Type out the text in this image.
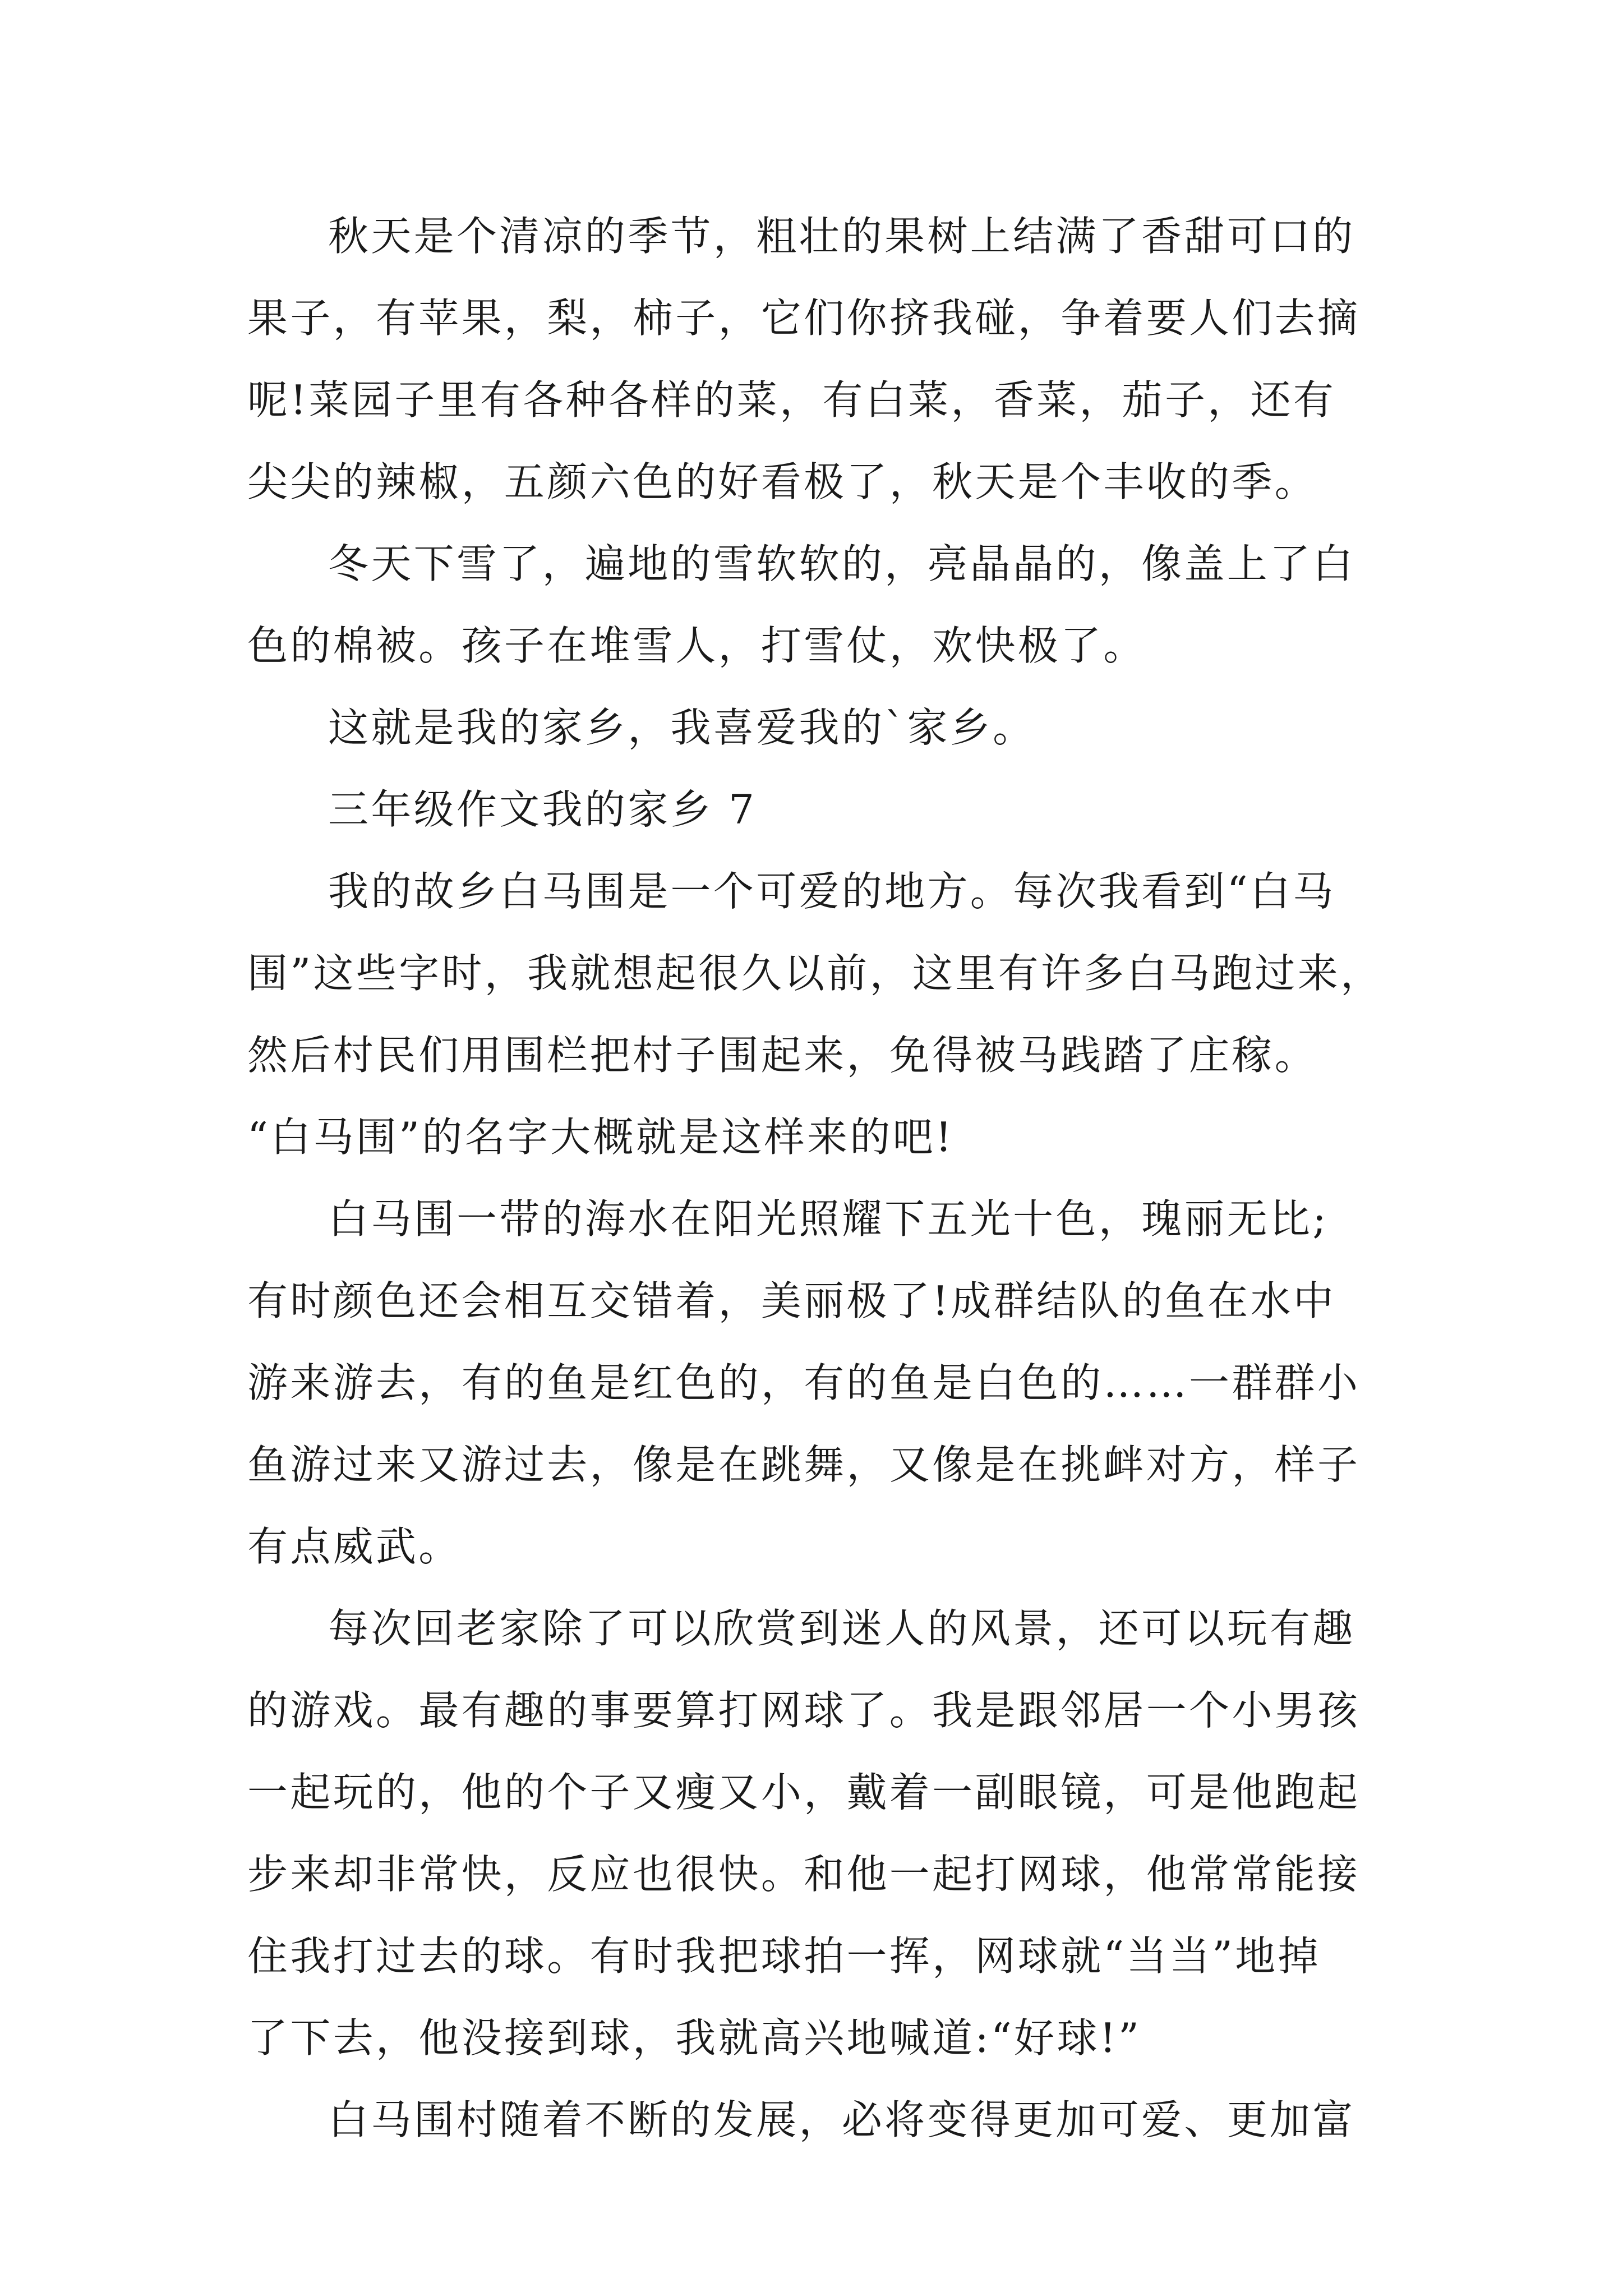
秋天是个清凉的季节，粗壮的果树上结满了香甜可口的
果子，有苹果，梨，柿子，它们你挤我碰，争着要人们去摘
呢!菜园子里有各种各样的菜，有白菜，香菜，茄子，还有
尖尖的辣椒，五颜六色的好看极了，秋天是个丰收的季。
冬天下雪了，遍地的雪软软的，亮晶晶的，像盖上了白
色的棉被。孩子在堆雪人，打雪仗，欢快极了。
这就是我的家乡，我喜爱我的`家乡。
三年级作文我的家乡 7
我的故乡白马围是一个可爱的地方。每次我看到“白马
围”这些字时，我就想起很久以前，这里有许多白马跑过来，
然后村民们用围栏把村子围起来，免得被马践踏了庄稼。
“白马围”的名字大概就是这样来的吧!
白马围一带的海水在阳光照耀下五光十色，瑰丽无比;
有时颜色还会相互交错着，美丽极了!成群结队的鱼在水中
游来游去，有的鱼是红色的，有的鱼是白色的……一群群小
鱼游过来又游过去，像是在跳舞，又像是在挑衅对方，样子
有点威武。
每次回老家除了可以欣赏到迷人的风景，还可以玩有趣
的游戏。最有趣的事要算打网球了。我是跟邻居一个小男孩
一起玩的，他的个子又瘦又小，戴着一副眼镜，可是他跑起
步来却非常快，反应也很快。和他一起打网球，他常常能接
住我打过去的球。有时我把球拍一挥，网球就“当当”地掉
了下去，他没接到球，我就高兴地喊道:“好球!”
白马围村随着不断的发展，必将变得更加可爱、更加富
